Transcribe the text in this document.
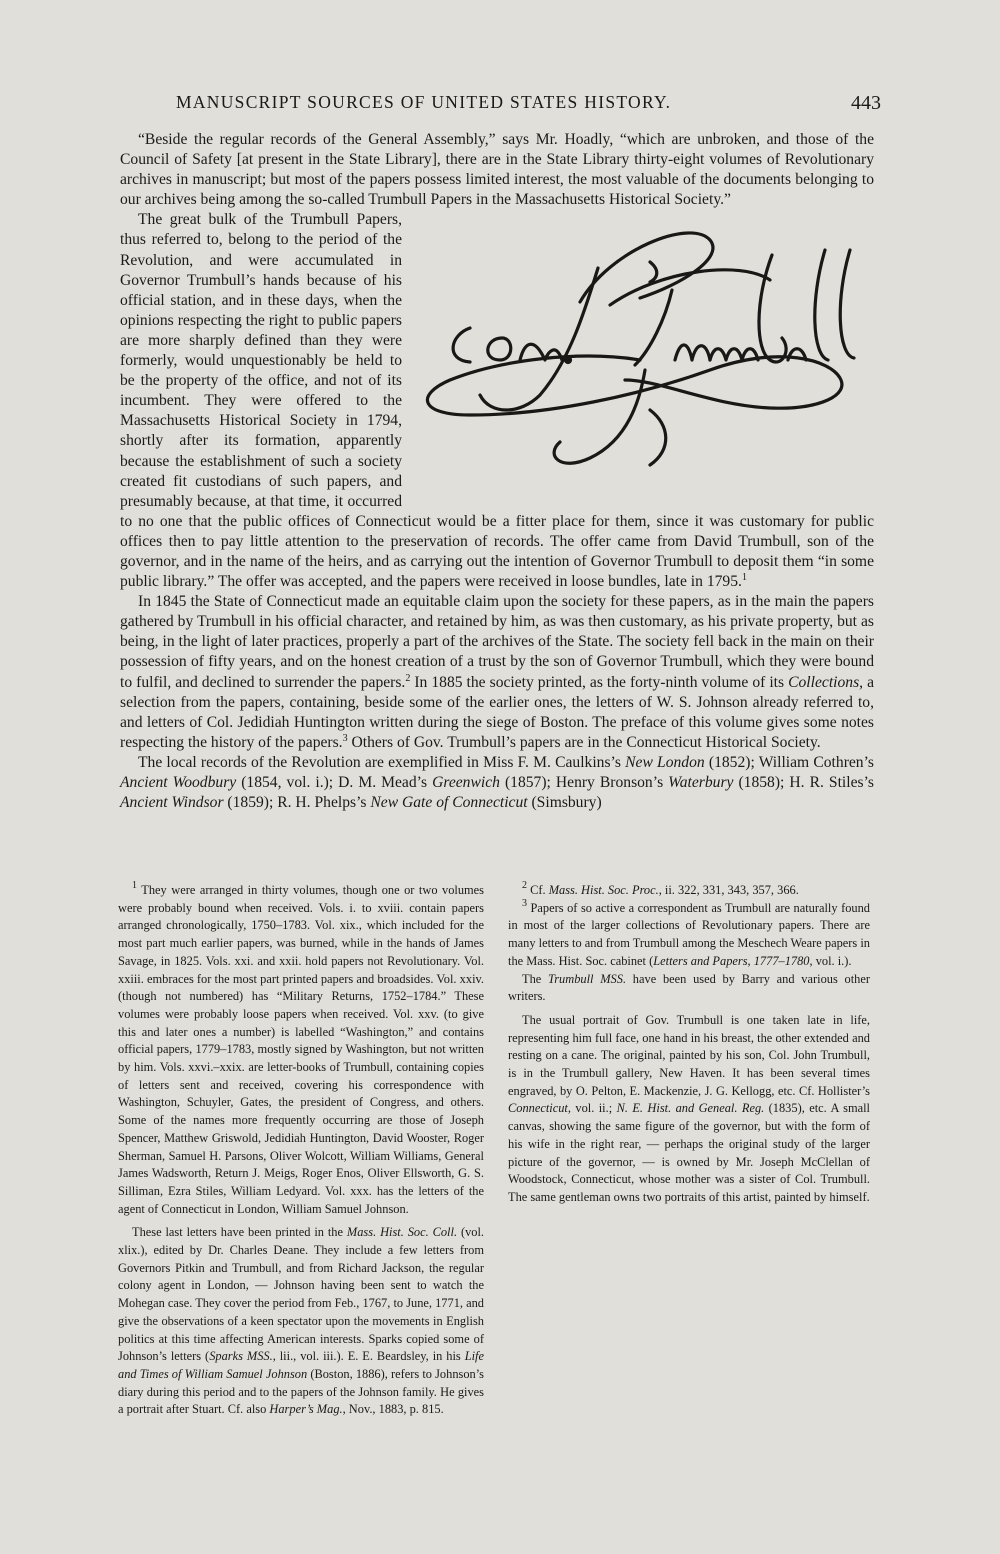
MANUSCRIPT SOURCES OF UNITED STATES HISTORY.	443

“Beside the regular records of the General Assembly,” says Mr. Hoadly, “which are unbroken, and those of the Council of Safety [at present in the State Library], there are in the State Library thirty-eight volumes of Revolutionary archives in manuscript; but most of the papers possess limited interest, the most valuable of the documents belonging to our archives being among the so-called Trumbull Papers in the Massachusetts Historical Society.”

The great bulk of the Trumbull Papers, thus referred to, belong to the period of the Revolution, and were accumulated in Governor Trumbull’s hands because of his official station, and in these days, when the opinions respecting the right to public papers are more sharply defined than they were formerly, would unquestionably be held to be the property of the office, and not of its incumbent. They were offered to the Massachusetts Historical Society in 1794, shortly after its formation, apparently because the establishment of such a society created fit custodians of such papers, and presumably because, at that time, it occurred to no one that the public offices of Connecticut would be a fitter place for them, since it was customary for public offices then to pay little attention to the preservation of records. The offer came from David Trumbull, son of the governor, and in the name of the heirs, and as carrying out the intention of Governor Trumbull to deposit them “in some public library.” The offer was accepted, and the papers were received in loose bundles, late in 1795.$^1$

In 1845 the State of Connecticut made an equitable claim upon the society for these papers, as in the main the papers gathered by Trumbull in his official character, and retained by him, as was then customary, as his private property, but as being, in the light of later practices, properly a part of the archives of the State. The society fell back in the main on their possession of fifty years, and on the honest creation of a trust by the son of Governor Trumbull, which they were bound to fulfil, and declined to surrender the papers.$^2$ In 1885 the society printed, as the forty-ninth volume of its Collections, a selection from the papers, containing, beside some of the earlier ones, the letters of W. S. Johnson already referred to, and letters of Col. Jedidiah Huntington written during the siege of Boston. The preface of this volume gives some notes respecting the history of the papers.$^3$ Others of Gov. Trumbull’s papers are in the Connecticut Historical Society.

The local records of the Revolution are exemplified in Miss F. M. Caulkins’s New London (1852); William Cothren’s Ancient Woodbury (1854, vol. i.); D. M. Mead’s Greenwich (1857); Henry Bronson’s Waterbury (1858); H. R. Stiles’s Ancient Windsor (1859); R. H. Phelps’s New Gate of Connecticut (Simsbury)

$^1$ They were arranged in thirty volumes, though one or two volumes were probably bound when received. Vols. i. to xviii. contain papers arranged chronologically, 1750–1783. Vol. xix., which included for the most part much earlier papers, was burned, while in the hands of James Savage, in 1825. Vols. xxi. and xxii. hold papers not Revolutionary. Vol. xxiii. embraces for the most part printed papers and broadsides. Vol. xxiv. (though not numbered) has “Military Returns, 1752–1784.” These volumes were probably loose papers when received. Vol. xxv. (to give this and later ones a number) is labelled “Washington,” and contains official papers, 1779–1783, mostly signed by Washington, but not written by him. Vols. xxvi.–xxix. are letter-books of Trumbull, containing copies of letters sent and received, covering his correspondence with Washington, Schuyler, Gates, the president of Congress, and others. Some of the names more frequently occurring are those of Joseph Spencer, Matthew Griswold, Jedidiah Huntington, David Wooster, Roger Sherman, Samuel H. Parsons, Oliver Wolcott, William Williams, General James Wadsworth, Return J. Meigs, Roger Enos, Oliver Ellsworth, G. S. Silliman, Ezra Stiles, William Ledyard. Vol. xxx. has the letters of the agent of Connecticut in London, William Samuel Johnson.

These last letters have been printed in the Mass. Hist. Soc. Coll. (vol. xlix.), edited by Dr. Charles Deane. They include a few letters from Governors Pitkin and Trumbull, and from Richard Jackson, the regular colony agent in London, — Johnson having been sent to watch the Mohegan case. They cover the period from Feb., 1767, to June, 1771, and give the observations of a keen spectator upon the movements in English politics at this time affecting American interests. Sparks copied some of Johnson’s letters (Sparks MSS., lii., vol. iii.). E. E. Beardsley, in his Life and Times of William Samuel Johnson (Boston, 1886), refers to Johnson’s diary during this period and to the papers of the Johnson family. He gives a portrait after Stuart. Cf. also Harper’s Mag., Nov., 1883, p. 815.

$^2$ Cf. Mass. Hist. Soc. Proc., ii. 322, 331, 343, 357, 366.

$^3$ Papers of so active a correspondent as Trumbull are naturally found in most of the larger collections of Revolutionary papers. There are many letters to and from Trumbull among the Meschech Weare papers in the Mass. Hist. Soc. cabinet (Letters and Papers, 1777–1780, vol. i.).

The Trumbull MSS. have been used by Barry and various other writers.

The usual portrait of Gov. Trumbull is one taken late in life, representing him full face, one hand in his breast, the other extended and resting on a cane. The original, painted by his son, Col. John Trumbull, is in the Trumbull gallery, New Haven. It has been several times engraved, by O. Pelton, E. Mackenzie, J. G. Kellogg, etc. Cf. Hollister’s Connecticut, vol. ii.; N. E. Hist. and Geneal. Reg. (1835), etc. A small canvas, showing the same figure of the governor, but with the form of his wife in the right rear, — perhaps the original study of the larger picture of the governor, — is owned by Mr. Joseph McClellan of Woodstock, Connecticut, whose mother was a sister of Col. Trumbull. The same gentleman owns two portraits of this artist, painted by himself.
